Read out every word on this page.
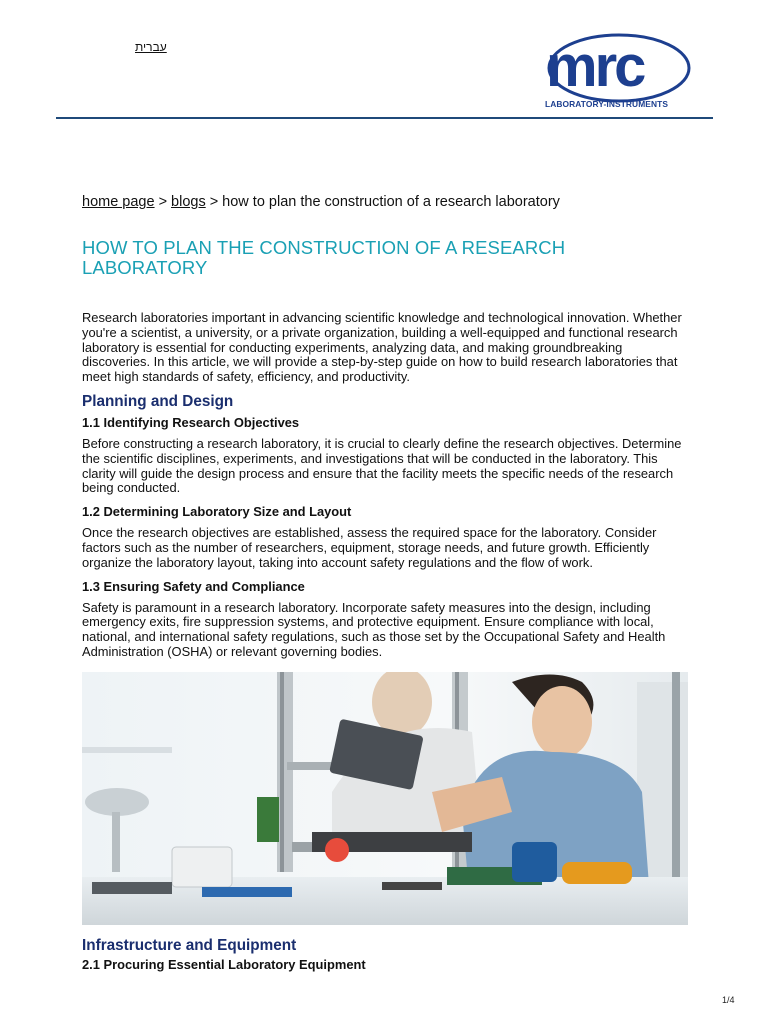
עברית	mrc
LABORATORY-INSTRUMENTS
home page > blogs > how to plan the construction of a research laboratory
HOW TO PLAN THE CONSTRUCTION OF A RESEARCH LABORATORY

Research laboratories important in advancing scientific knowledge and technological innovation. Whether you're a scientist, a university, or a private organization, building a well-equipped and functional research laboratory is essential for conducting experiments, analyzing data, and making groundbreaking discoveries. In this article, we will provide a step-by-step guide on how to build research laboratories that meet high standards of safety, efficiency, and productivity.

Planning and Design
1.1 Identifying Research Objectives

Before constructing a research laboratory, it is crucial to clearly define the research objectives. Determine the scientific disciplines, experiments, and investigations that will be conducted in the laboratory. This clarity will guide the design process and ensure that the facility meets the specific needs of the research being conducted.

1.2 Determining Laboratory Size and Layout

Once the research objectives are established, assess the required space for the laboratory. Consider factors such as the number of researchers, equipment, storage needs, and future growth. Efficiently organize the laboratory layout, taking into account safety regulations and the flow of work.

1.3 Ensuring Safety and Compliance

Safety is paramount in a research laboratory. Incorporate safety measures into the design, including emergency exits, fire suppression systems, and protective equipment. Ensure compliance with local, national, and international safety regulations, such as those set by the Occupational Safety and Health Administration (OSHA) or relevant governing bodies.

Infrastructure and Equipment
2.1 Procuring Essential Laboratory Equipment
1/4
